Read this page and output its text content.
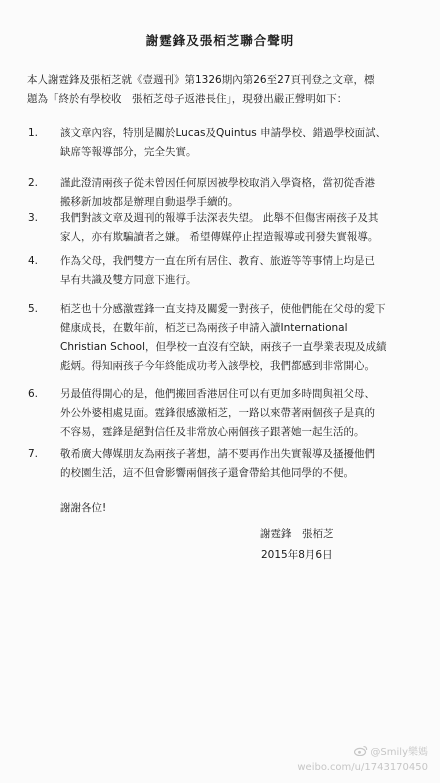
謝霆鋒及張栢芝聯合聲明
本人謝霆鋒及張栢芝就《壹週刊》第1326期內第26至27頁刊登之文章，標
題為「終於有學校收　張栢芝母子返港長住」，現發出嚴正聲明如下：
1. 該文章內容，特別是關於Lucas及Quintus 申請學校、錯過學校面試、
缺席等報導部分，完全失實。
2. 謹此澄清兩孩子從未曾因任何原因被學校取消入學資格，當初從香港
搬移新加坡都是辦理自動退學手續的。
3. 我們對該文章及週刊的報導手法深表失望。 此舉不但傷害兩孩子及其
家人，亦有欺騙讀者之嫌。 希望傳媒停止捏造報導或刊發失實報導。
4. 作為父母，我們雙方一直在所有居住、教育、旅遊等等事情上均是已
早有共識及雙方同意下進行。
5. 栢芝也十分感激霆鋒一直支持及關愛一對孩子，使他們能在父母的愛下
健康成長，在數年前，栢芝已為兩孩子申請入讀International
Christian School，但學校一直沒有空缺，兩孩子一直學業表現及成績
彪炳。得知兩孩子今年終能成功考入該學校，我們都感到非常開心。
6. 另最值得開心的是，他們搬回香港居住可以有更加多時間與祖父母、
外公外婆相處見面。霆鋒很感激栢芝，一路以來帶著兩個孩子是真的
不容易，霆鋒是絕對信任及非常放心兩個孩子跟著她一起生活的。
7. 敬希廣大傳媒朋友為兩孩子著想，請不要再作出失實報導及搔擾他們
的校園生活，這不但會影響兩個孩子還會帶給其他同學的不便。
謝謝各位!
謝霆鋒　張栢芝
2015年8月6日
@Smily樂媽
weibo.com/u/1743170450
